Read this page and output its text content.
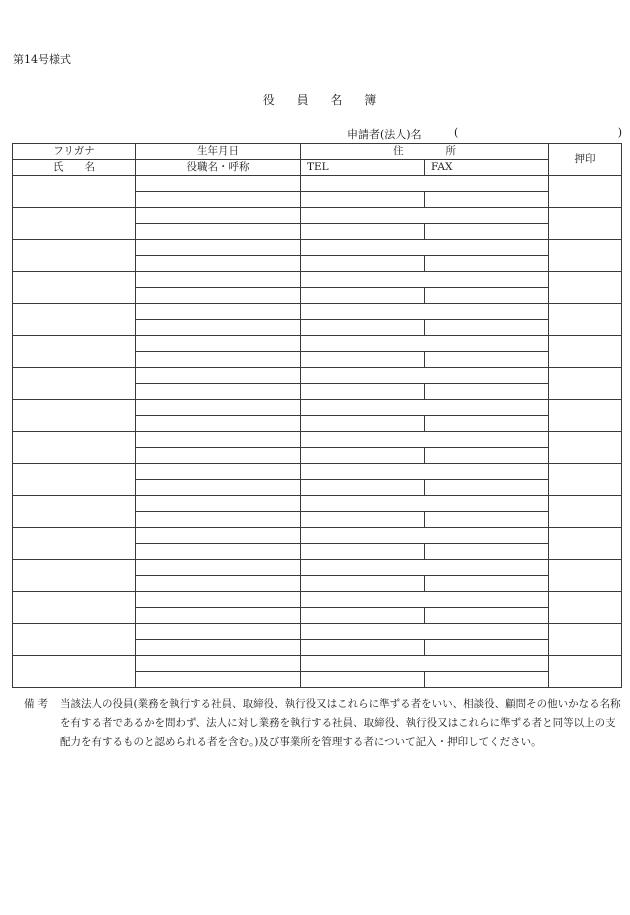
第14号様式
役 員 名 簿
申請者(法人)名	(	)
フリガナ	生年月日	住　　　　所		押印
氏　　名	役職名・呼称	TEL	FAX	

備考 当該法人の役員(業務を執行する社員、取締役、執行役又はこれらに準ずる者をいい、相談役、顧問その他いかなる名称を有する者であるかを問わず、法人に対し業務を執行する社員、取締役、執行役又はこれらに準ずる者と同等以上の支配力を有するものと認められる者を含む。)及び事業所を管理する者について記入・押印してください。
